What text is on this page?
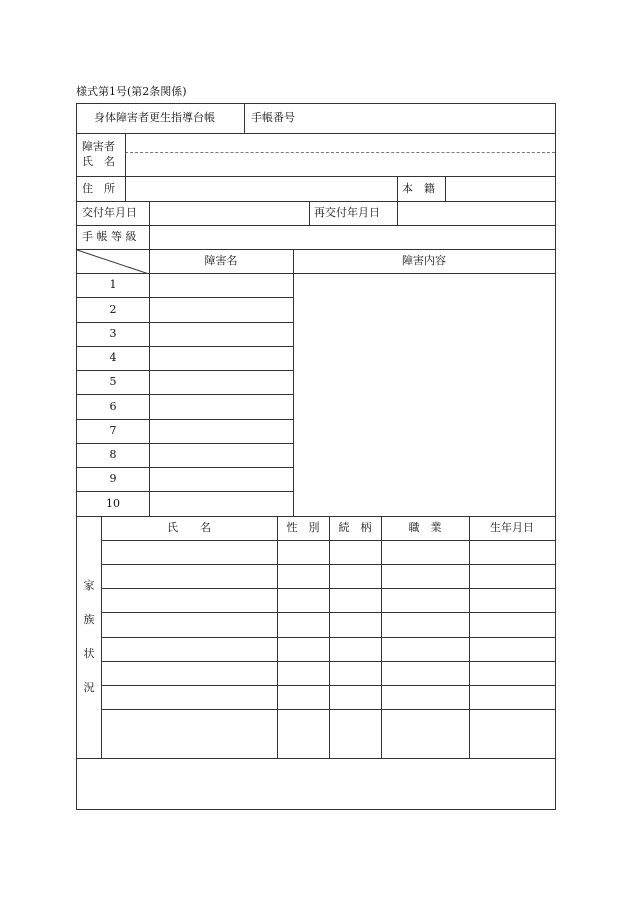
様式第1号(第2条関係)
身体障害者更生指導台帳	手帳番号
障害者
氏　名
住　所	本　籍
交付年月日	再交付年月日
手 帳 等 級
障害名	障害内容
1
2
3
4
5
6
7
8
9
10
家
族
状
況
氏　　名	性　別	続　柄	職　業	生年月日
